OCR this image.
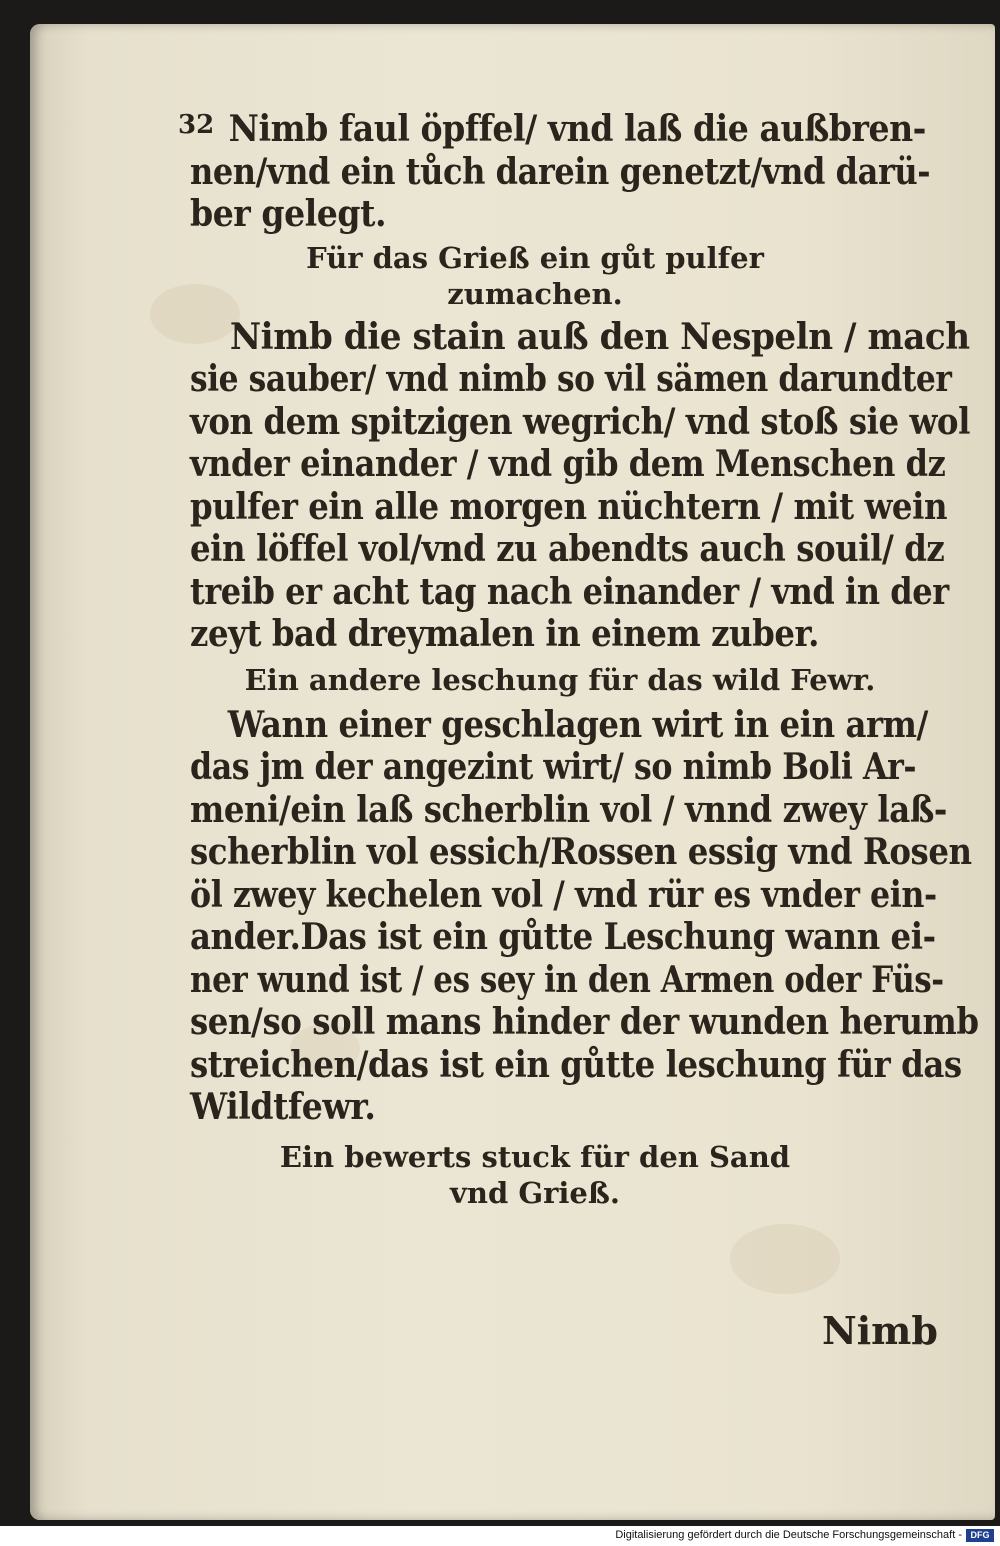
32 Nimb faul öpffel/ vnd laß die außbren-
nen/vnd ein tůch darein genetzt/vnd darü-
ber gelegt.
Für das Grieß ein gůt pulfer
zumachen.
Nimb die stain auß den Nespeln / mach
sie sauber/ vnd nimb so vil sämen darundter
von dem spitzigen wegrich/ vnd stoß sie wol
vnder einander / vnd gib dem Menschen dz
pulfer ein alle morgen nüchtern / mit wein
ein löffel vol/vnd zu abendts auch souil/ dz
treib er acht tag nach einander / vnd in der
zeyt bad dreymalen in einem zuber.
Ein andere leschung für das wild Fewr.
Wann einer geschlagen wirt in ein arm/
das jm der angezint wirt/ so nimb Boli Ar-
meni/ein laß scherblin vol / vnnd zwey laß-
scherblin vol essich/Rossen essig vnd Rosen
öl zwey kechelen vol / vnd rür es vnder ein-
ander.Das ist ein gůtte Leschung wann ei-
ner wund ist / es sey in den Armen oder Füs-
sen/so soll mans hinder der wunden herumb
streichen/das ist ein gůtte leschung für das
Wildtfewr.
Ein bewerts stuck für den Sand
vnd Grieß.
Nimb
Digitalisierung gefördert durch die Deutsche Forschungsgemeinschaft - DFG
